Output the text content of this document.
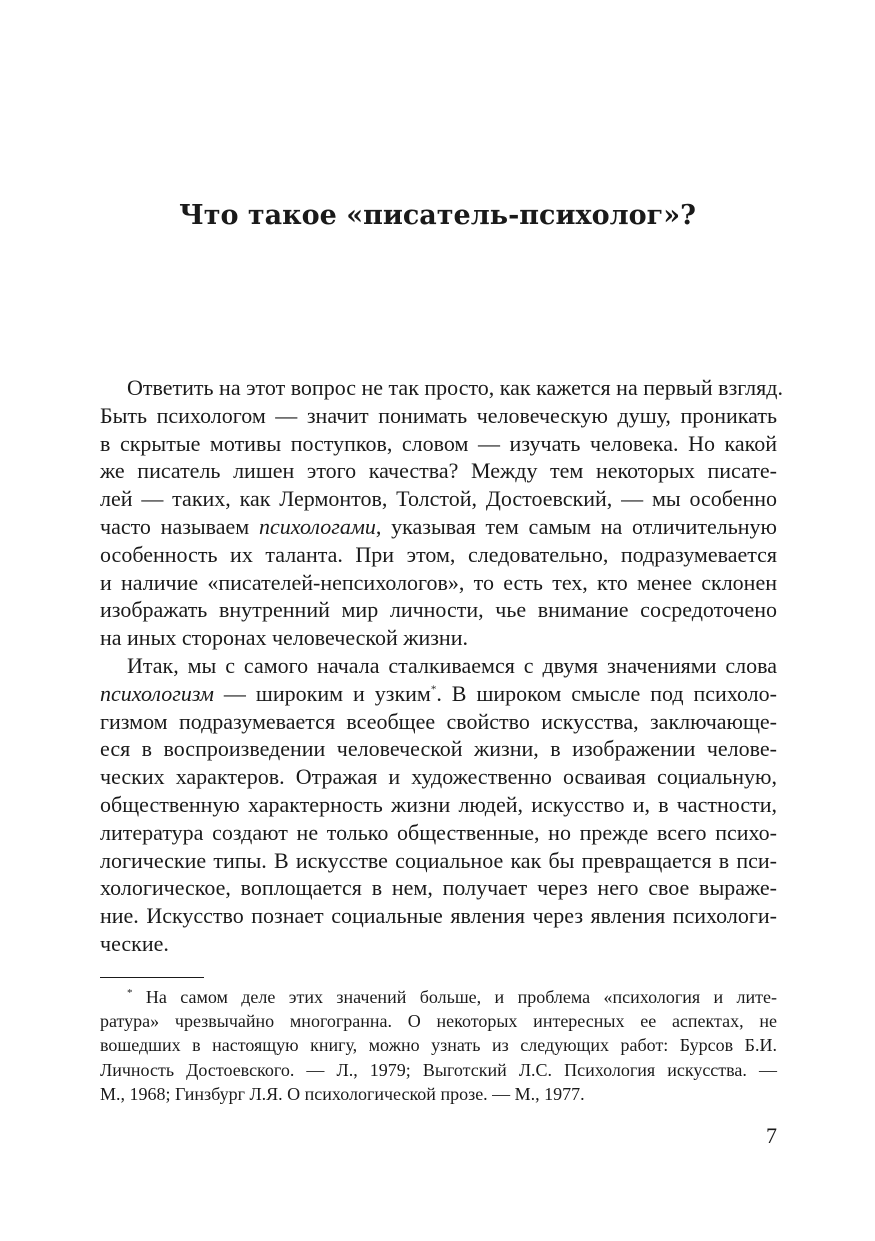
Что такое «писатель-психолог»?
Ответить на этот вопрос не так просто, как кажется на первый взгляд.
Быть психологом — значит понимать человеческую душу, проникать
в скрытые мотивы поступков, словом — изучать человека. Но какой
же писатель лишен этого качества? Между тем некоторых писате-
лей — таких, как Лермонтов, Толстой, Достоевский, — мы особенно
часто называем психологами, указывая тем самым на отличительную
особенность их таланта. При этом, следовательно, подразумевается
и наличие «писателей-непсихологов», то есть тех, кто менее склонен
изображать внутренний мир личности, чье внимание сосредоточено
на иных сторонах человеческой жизни.
Итак, мы с самого начала сталкиваемся с двумя значениями слова
психологизм — широким и узким*. В широком смысле под психоло-
гизмом подразумевается всеобщее свойство искусства, заключающе-
еся в воспроизведении человеческой жизни, в изображении челове-
ческих характеров. Отражая и художественно осваивая социальную,
общественную характерность жизни людей, искусство и, в частности,
литература создают не только общественные, но прежде всего психо-
логические типы. В искусстве социальное как бы превращается в пси-
хологическое, воплощается в нем, получает через него свое выраже-
ние. Искусство познает социальные явления через явления психологи-
ческие.
* На самом деле этих значений больше, и проблема «психология и лите-
ратура» чрезвычайно многогранна. О некоторых интересных ее аспектах, не
вошедших в настоящую книгу, можно узнать из следующих работ: Бурсов Б.И.
Личность Достоевского. — Л., 1979; Выготский Л.С. Психология искусства. —
М., 1968; Гинзбург Л.Я. О психологической прозе. — М., 1977.
7
